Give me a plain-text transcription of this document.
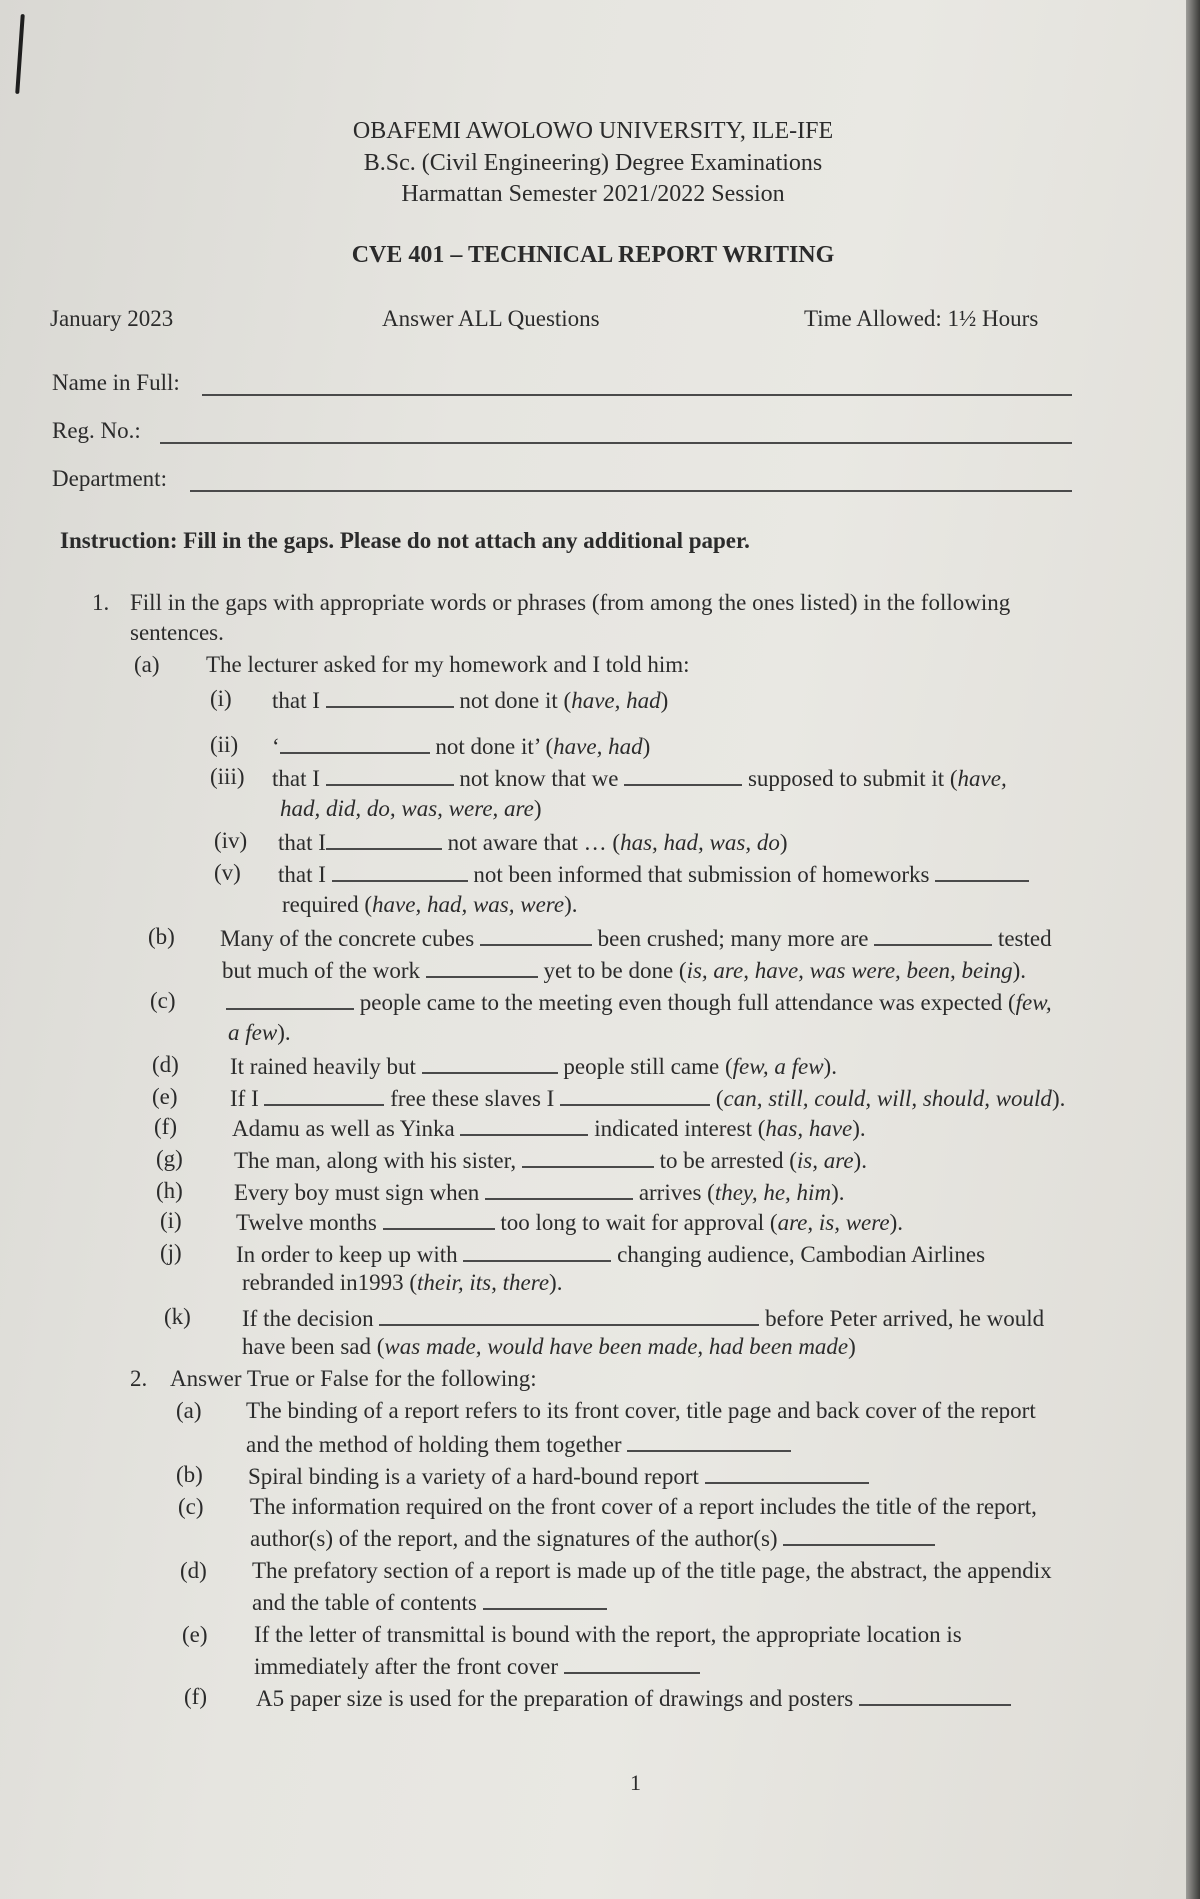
OBAFEMI AWOLOWO UNIVERSITY, ILE-IFE
B.Sc. (Civil Engineering) Degree Examinations
Harmattan Semester 2021/2022 Session
CVE 401 – TECHNICAL REPORT WRITING
January 2023	Answer ALL Questions	Time Allowed: 1½ Hours
Name in Full:
Reg. No.:
Department:
Instruction: Fill in the gaps. Please do not attach any additional paper.
1. Fill in the gaps with appropriate words or phrases (from among the ones listed) in the following
sentences.
(a) The lecturer asked for my homework and I told him:
(i) that I	not done it (have, had)
(ii) ‘	not done it’ (have, had)
(iii) that I	not know that we	supposed to submit it (have,
had, did, do, was, were, are)
(iv) that I	not aware that … (has, had, was, do)
(v) that I	not been informed that submission of homeworks
required (have, had, was, were).
(b) Many of the concrete cubes	been crushed; many more are	tested
but much of the work	yet to be done (is, are, have, was were, been, being).
(c)	people came to the meeting even though full attendance was expected (few,
a few).
(d) It rained heavily but	people still came (few, a few).
(e) If I	free these slaves I	(can, still, could, will, should, would).
(f) Adamu as well as Yinka	indicated interest (has, have).
(g) The man, along with his sister,	to be arrested (is, are).
(h) Every boy must sign when	arrives (they, he, him).
(i) Twelve months	too long to wait for approval (are, is, were).
(j) In order to keep up with	changing audience, Cambodian Airlines
rebranded in1993 (their, its, there).
(k) If the decision	before Peter arrived, he would
have been sad (was made, would have been made, had been made)
2. Answer True or False for the following:
(a) The binding of a report refers to its front cover, title page and back cover of the report
and the method of holding them together
(b) Spiral binding is a variety of a hard-bound report
(c) The information required on the front cover of a report includes the title of the report,
author(s) of the report, and the signatures of the author(s)
(d) The prefatory section of a report is made up of the title page, the abstract, the appendix
and the table of contents
(e) If the letter of transmittal is bound with the report, the appropriate location is
immediately after the front cover
(f) A5 paper size is used for the preparation of drawings and posters
1
